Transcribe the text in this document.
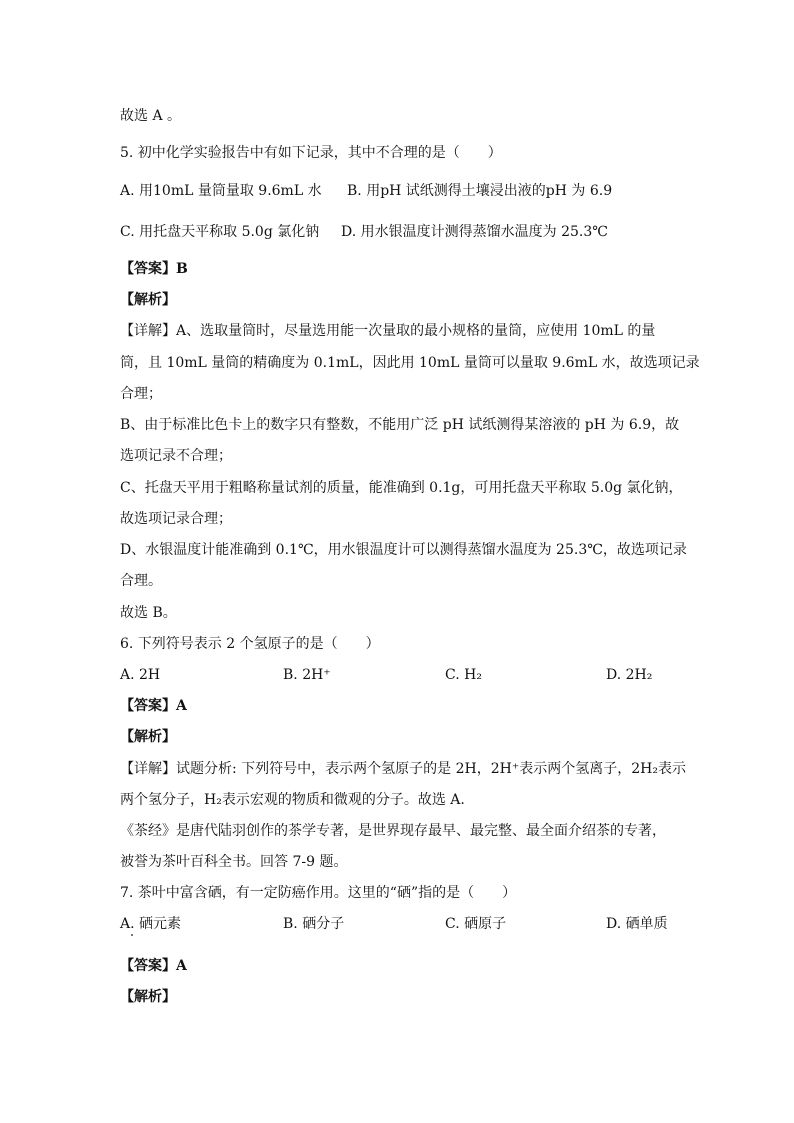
故选 A 。
5. 初中化学实验报告中有如下记录，其中不合理的是（　　）
A. 用10mL 量筒量取 9.6mL 水 B. 用pH 试纸测得土壤浸出液的pH 为 6.9
C. 用托盘天平称取 5.0g 氯化钠 D. 用水银温度计测得蒸馏水温度为 25.3℃
【答案】B
【解析】
【详解】A、选取量筒时，尽量选用能一次量取的最小规格的量筒，应使用 10mL 的量
筒，且 10mL 量筒的精确度为 0.1mL，因此用 10mL 量筒可以量取 9.6mL 水，故选项记录
合理；
B、由于标准比色卡上的数字只有整数，不能用广泛 pH 试纸测得某溶液的 pH 为 6.9，故
选项记录不合理；
C、托盘天平用于粗略称量试剂的质量，能准确到 0.1g，可用托盘天平称取 5.0g 氯化钠，
故选项记录合理；
D、水银温度计能准确到 0.1℃，用水银温度计可以测得蒸馏水温度为 25.3℃，故选项记录
合理。
故选 B。
6. 下列符号表示 2 个氢原子的是（　　）
A. 2H	B. 2H⁺	C. H₂	D. 2H₂
【答案】A
【解析】
【详解】试题分析: 下列符号中，表示两个氢原子的是 2H，2H⁺表示两个氢离子，2H₂表示
两个氢分子，H₂表示宏观的物质和微观的分子。故选 A.
《茶经》是唐代陆羽创作的茶学专著，是世界现存最早、最完整、最全面介绍茶的专著，
被誉为茶叶百科全书。回答 7-9 题。
7. 茶叶中富含硒，有一定防癌作用。这里的“硒”指的是（　　）
A. 硒元素	B. 硒分子	C. 硒原子	D. 硒单质
【答案】A
【解析】
